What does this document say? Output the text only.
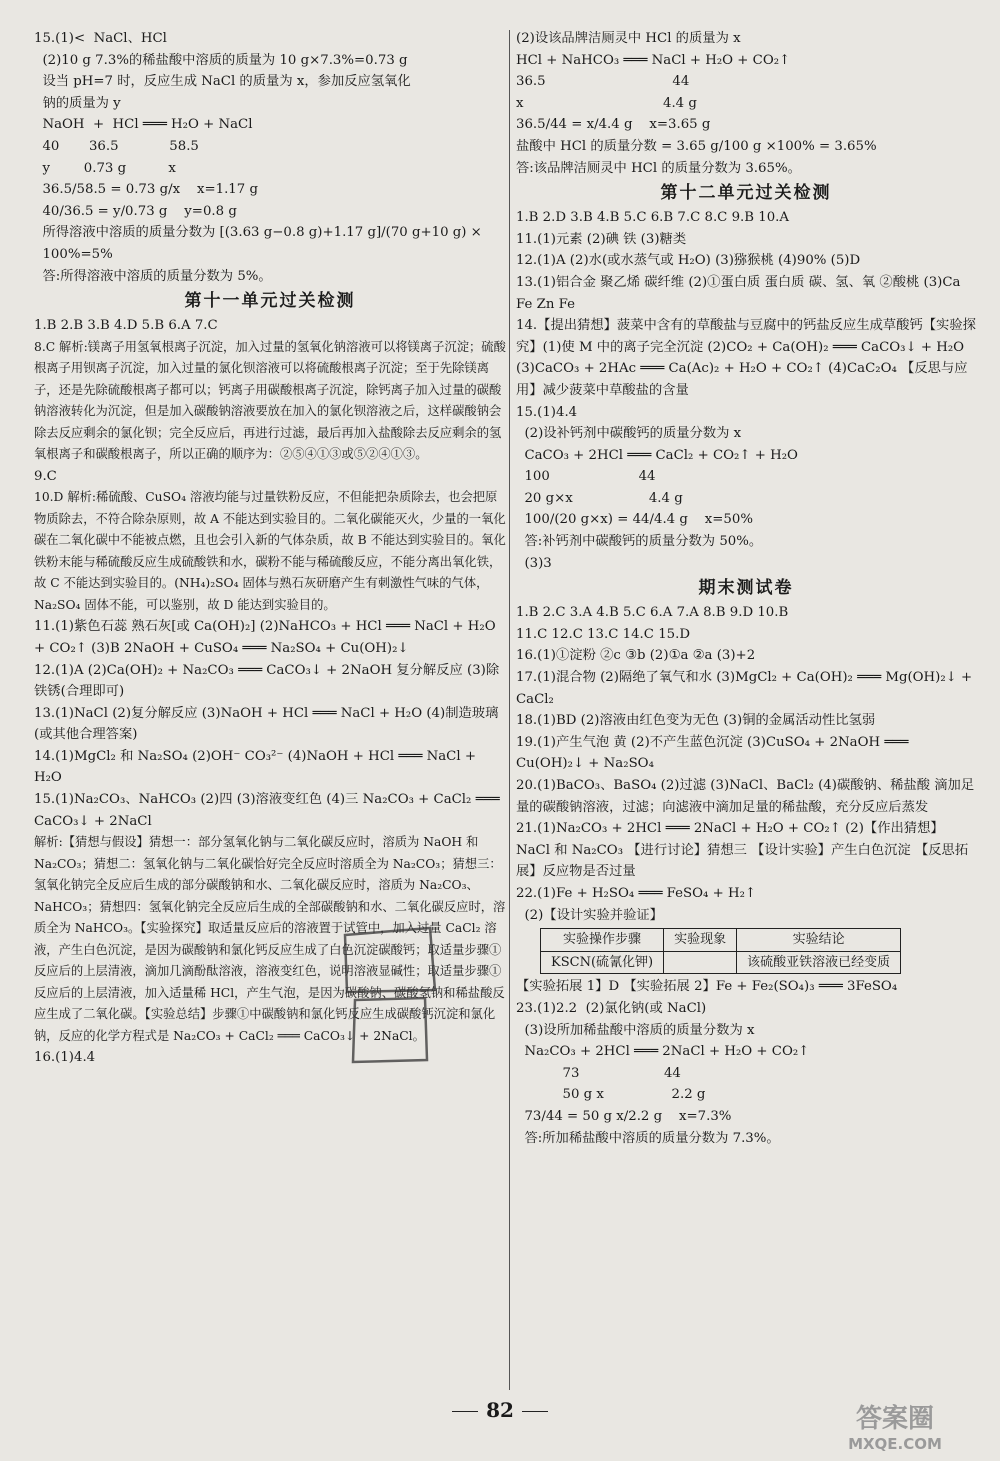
15.(1)<  NaCl、HCl
(2)10 g 7.3%的稀盐酸中溶质的质量为 10 g×7.3%=0.73 g
设当 pH=7 时，反应生成 NaCl 的质量为 x，参加反应氢氧化
钠的质量为 y
NaOH  +  HCl ═══ H₂O + NaCl
40       36.5            58.5
y        0.73 g          x
36.5/58.5 = 0.73 g/x    x=1.17 g
40/36.5 = y/0.73 g    y=0.8 g
所得溶液中溶质的质量分数为 [(3.63 g−0.8 g)+1.17 g]/(70 g+10 g) ×
100%=5%
答:所得溶液中溶质的质量分数为 5%。
第十一单元过关检测
1.B 2.B 3.B 4.D 5.B 6.A 7.C
8.C 解析:镁离子用氢氧根离子沉淀，加入过量的氢氧化钠溶液可以将镁离子沉淀；硫酸根离子用钡离子沉淀，加入过量的氯化钡溶液可以将硫酸根离子沉淀；至于先除镁离子，还是先除硫酸根离子都可以；钙离子用碳酸根离子沉淀，除钙离子加入过量的碳酸钠溶液转化为沉淀，但是加入碳酸钠溶液要放在加入的氯化钡溶液之后，这样碳酸钠会除去反应剩余的氯化钡；完全反应后，再进行过滤，最后再加入盐酸除去反应剩余的氢氧根离子和碳酸根离子，所以正确的顺序为：②⑤④①③或⑤②④①③。
9.C
10.D 解析:稀硫酸、CuSO₄ 溶液均能与过量铁粉反应，不但能把杂质除去，也会把原物质除去，不符合除杂原则，故 A 不能达到实验目的。二氧化碳能灭火，少量的一氧化碳在二氧化碳中不能被点燃，且也会引入新的气体杂质，故 B 不能达到实验目的。氧化铁粉末能与稀硫酸反应生成硫酸铁和水，碳粉不能与稀硫酸反应，不能分离出氧化铁，故 C 不能达到实验目的。(NH₄)₂SO₄ 固体与熟石灰研磨产生有刺激性气味的气体，Na₂SO₄ 固体不能，可以鉴别，故 D 能达到实验目的。
11.(1)紫色石蕊 熟石灰[或 Ca(OH)₂] (2)NaHCO₃ + HCl ═══ NaCl + H₂O + CO₂↑ (3)B 2NaOH + CuSO₄ ═══ Na₂SO₄ + Cu(OH)₂↓
12.(1)A (2)Ca(OH)₂ + Na₂CO₃ ═══ CaCO₃↓ + 2NaOH 复分解反应 (3)除铁锈(合理即可)
13.(1)NaCl (2)复分解反应 (3)NaOH + HCl ═══ NaCl + H₂O (4)制造玻璃(或其他合理答案)
14.(1)MgCl₂ 和 Na₂SO₄ (2)OH⁻ CO₃²⁻ (4)NaOH + HCl ═══ NaCl + H₂O
15.(1)Na₂CO₃、NaHCO₃ (2)四 (3)溶液变红色 (4)三 Na₂CO₃ + CaCl₂ ═══ CaCO₃↓ + 2NaCl
解析:【猜想与假设】猜想一：部分氢氧化钠与二氧化碳反应时，溶质为 NaOH 和 Na₂CO₃；猜想二：氢氧化钠与二氧化碳恰好完全反应时溶质全为 Na₂CO₃；猜想三：氢氧化钠完全反应后生成的部分碳酸钠和水、二氧化碳反应时，溶质为 Na₂CO₃、NaHCO₃；猜想四：氢氧化钠完全反应后生成的全部碳酸钠和水、二氧化碳反应时，溶质全为 NaHCO₃。【实验探究】取适量反应后的溶液置于试管中，加入过量 CaCl₂ 溶液，产生白色沉淀，是因为碳酸钠和氯化钙反应生成了白色沉淀碳酸钙；取适量步骤①反应后的上层清液，滴加几滴酚酞溶液，溶液变红色，说明溶液显碱性；取适量步骤①反应后的上层清液，加入适量稀 HCl，产生气泡，是因为碳酸钠、碳酸氢钠和稀盐酸反应生成了二氧化碳。【实验总结】步骤①中碳酸钠和氯化钙反应生成碳酸钙沉淀和氯化钠，反应的化学方程式是 Na₂CO₃ + CaCl₂ ═══ CaCO₃↓ + 2NaCl。
16.(1)4.4
(2)设该品牌洁厕灵中 HCl 的质量为 x
HCl + NaHCO₃ ═══ NaCl + H₂O + CO₂↑
36.5                              44
x                                 4.4 g
36.5/44 = x/4.4 g    x=3.65 g
盐酸中 HCl 的质量分数 = 3.65 g/100 g ×100% = 3.65%
答:该品牌洁厕灵中 HCl 的质量分数为 3.65%。
第十二单元过关检测
1.B 2.D 3.B 4.B 5.C 6.B 7.C 8.C 9.B 10.A
11.(1)元素 (2)碘 铁 (3)糖类
12.(1)A (2)水(或水蒸气或 H₂O) (3)猕猴桃 (4)90% (5)D
13.(1)铝合金 聚乙烯 碳纤维 (2)①蛋白质 蛋白质 碳、氢、氧 ②酸桃 (3)Ca Fe Zn Fe
14.【提出猜想】菠菜中含有的草酸盐与豆腐中的钙盐反应生成草酸钙【实验探究】(1)使 M 中的离子完全沉淀 (2)CO₂ + Ca(OH)₂ ═══ CaCO₃↓ + H₂O (3)CaCO₃ + 2HAc ═══ Ca(Ac)₂ + H₂O + CO₂↑ (4)CaC₂O₄ 【反思与应用】减少菠菜中草酸盐的含量
15.(1)4.4
(2)设补钙剂中碳酸钙的质量分数为 x
CaCO₃ + 2HCl ═══ CaCl₂ + CO₂↑ + H₂O
100                     44
20 g×x                  4.4 g
100/(20 g×x) = 44/4.4 g    x=50%
答:补钙剂中碳酸钙的质量分数为 50%。
(3)3
期末测试卷
1.B 2.C 3.A 4.B 5.C 6.A 7.A 8.B 9.D 10.B
11.C 12.C 13.C 14.C 15.D
16.(1)①淀粉 ②c ③b (2)①a ②a (3)+2
17.(1)混合物 (2)隔绝了氧气和水 (3)MgCl₂ + Ca(OH)₂ ═══ Mg(OH)₂↓ + CaCl₂
18.(1)BD (2)溶液由红色变为无色 (3)铜的金属活动性比氢弱
19.(1)产生气泡 黄 (2)不产生蓝色沉淀 (3)CuSO₄ + 2NaOH ═══ Cu(OH)₂↓ + Na₂SO₄
20.(1)BaCO₃、BaSO₄ (2)过滤 (3)NaCl、BaCl₂ (4)碳酸钠、稀盐酸 滴加足量的碳酸钠溶液，过滤；向滤液中滴加足量的稀盐酸，充分反应后蒸发
21.(1)Na₂CO₃ + 2HCl ═══ 2NaCl + H₂O + CO₂↑ (2)【作出猜想】NaCl 和 Na₂CO₃ 【进行讨论】猜想三 【设计实验】产生白色沉淀 【反思拓展】反应物是否过量
22.(1)Fe + H₂SO₄ ═══ FeSO₄ + H₂↑
(2)【设计实验并验证】
实验操作步骤	实验现象	实验结论
KSCN(硫氰化钾)		该硫酸亚铁溶液已经变质
【实验拓展 1】D 【实验拓展 2】Fe + Fe₂(SO₄)₃ ═══ 3FeSO₄
23.(1)2.2  (2)氯化钠(或 NaCl)
(3)设所加稀盐酸中溶质的质量分数为 x
Na₂CO₃ + 2HCl ═══ 2NaCl + H₂O + CO₂↑
73                    44
50 g x                2.2 g
73/44 = 50 g x/2.2 g    x=7.3%
答:所加稀盐酸中溶质的质量分数为 7.3%。
82	答案圈
MXQE.COM
